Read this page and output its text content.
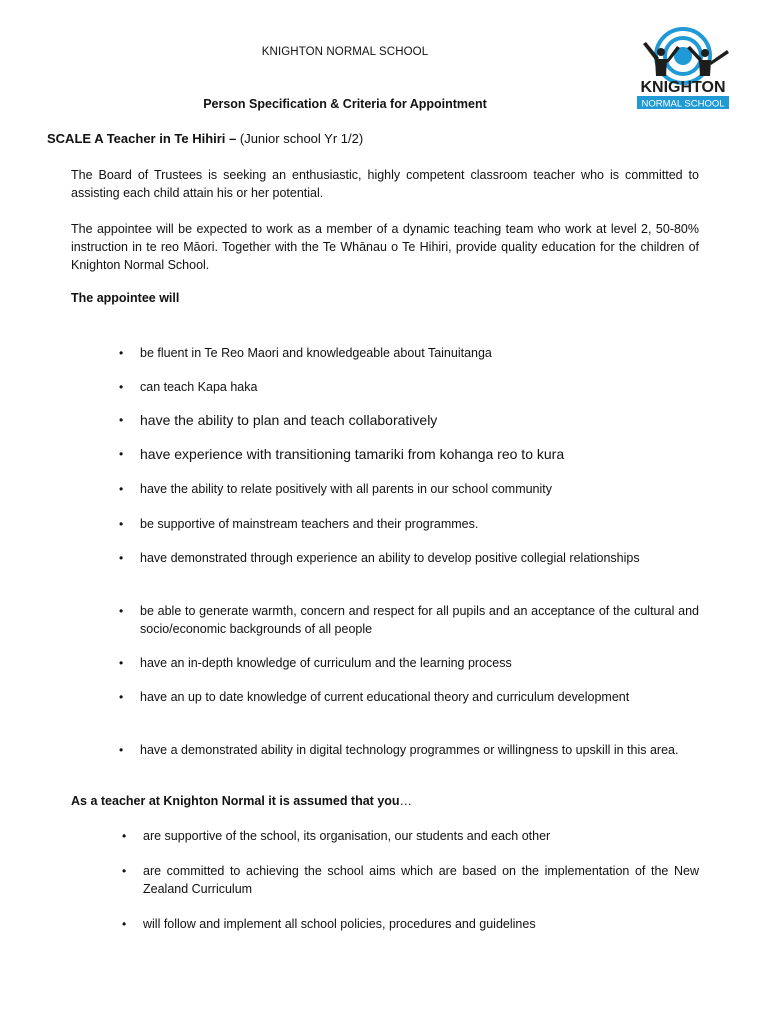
KNIGHTON NORMAL SCHOOL
KNIGHTON
NORMAL SCHOOL
Person Specification & Criteria for Appointment
SCALE A Teacher in Te Hihiri – (Junior school Yr 1/2)

The Board of Trustees is seeking an enthusiastic, highly competent classroom teacher who is committed to assisting each child attain his or her potential.

The appointee will be expected to work as a member of a dynamic teaching team who work at level 2, 50-80% instruction in te reo Māori. Together with the Te Whānau o Te Hihiri, provide quality education for the children of Knighton Normal School.

The appointee will
• be fluent in Te Reo Maori and knowledgeable about Tainuitanga
• can teach Kapa haka
• have the ability to plan and teach collaboratively
• have experience with transitioning tamariki from kohanga reo to kura
• have the ability to relate positively with all parents in our school community
• be supportive of mainstream teachers and their programmes.
• have demonstrated through experience an ability to develop positive collegial relationships
• be able to generate warmth, concern and respect for all pupils and an acceptance of the cultural and socio/economic backgrounds of all people
• have an in-depth knowledge of curriculum and the learning process
• have an up to date knowledge of current educational theory and curriculum development
• have a demonstrated ability in digital technology programmes or willingness to upskill in this area.
As a teacher at Knighton Normal it is assumed that you…
• are supportive of the school, its organisation, our students and each other
• are committed to achieving the school aims which are based on the implementation of the New Zealand Curriculum
• will follow and implement all school policies, procedures and guidelines
